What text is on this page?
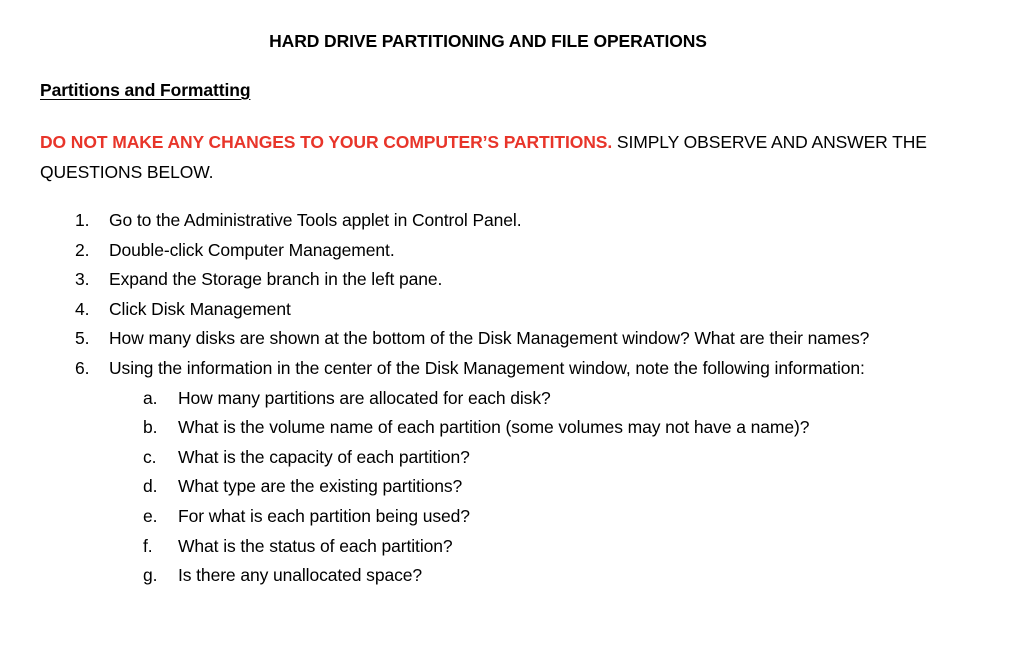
HARD DRIVE PARTITIONING AND FILE OPERATIONS
Partitions and Formatting
DO NOT MAKE ANY CHANGES TO YOUR COMPUTER’S PARTITIONS. SIMPLY OBSERVE AND ANSWER THE QUESTIONS BELOW.
1. Go to the Administrative Tools applet in Control Panel.
2. Double-click Computer Management.
3. Expand the Storage branch in the left pane.
4. Click Disk Management
5. How many disks are shown at the bottom of the Disk Management window? What are their names?
6. Using the information in the center of the Disk Management window, note the following information:
a. How many partitions are allocated for each disk?
b. What is the volume name of each partition (some volumes may not have a name)?
c. What is the capacity of each partition?
d. What type are the existing partitions?
e. For what is each partition being used?
f. What is the status of each partition?
g. Is there any unallocated space?
